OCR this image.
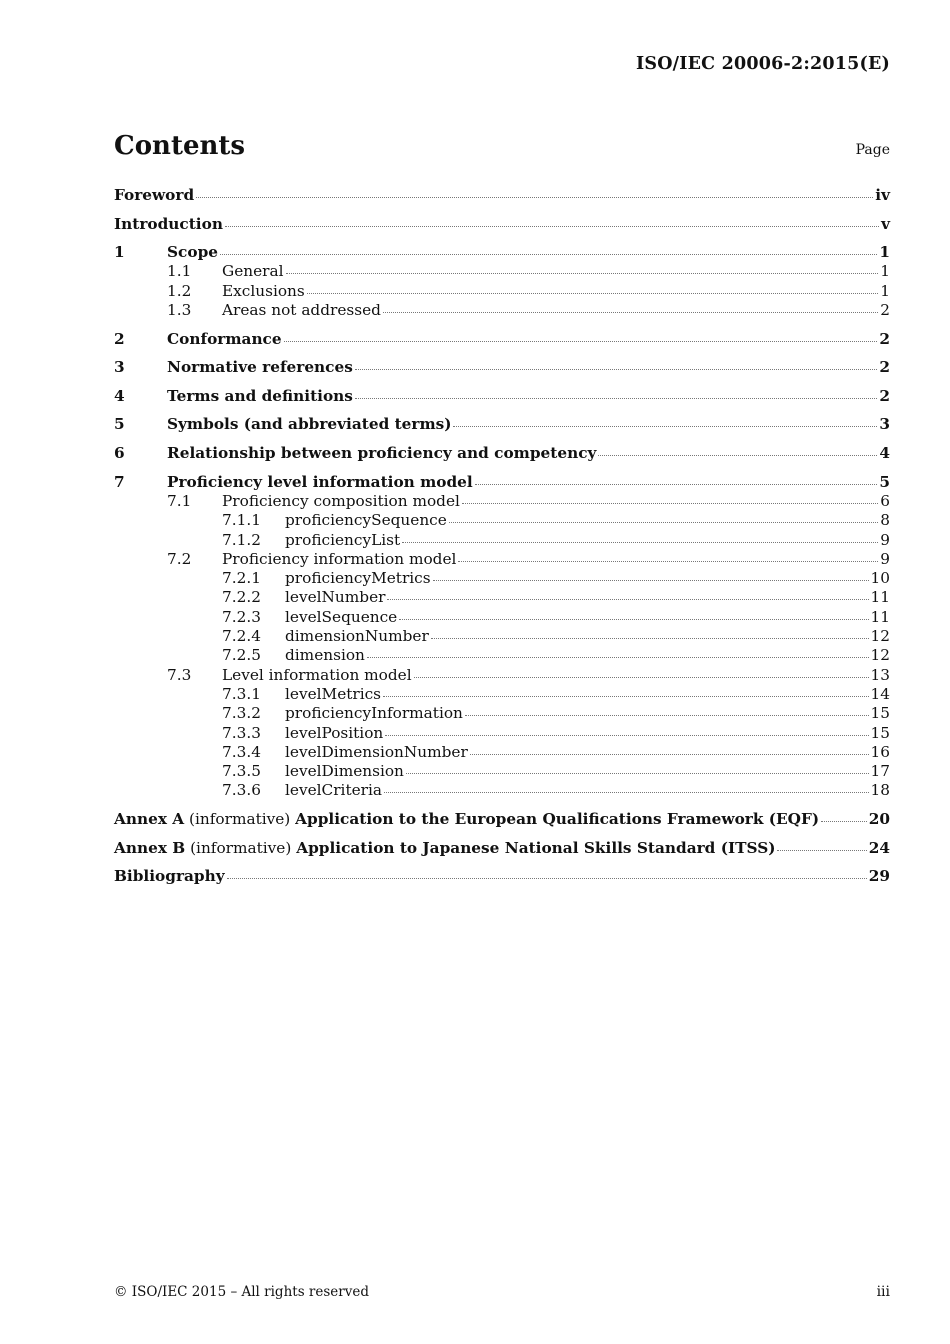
ISO/IEC 20006-2:2015(E)
Contents	Page
Foreword	iv
Introduction	v
1	Scope	1
1.1 General	1
1.2 Exclusions	1
1.3 Areas not addressed	2
2	Conformance	2
3	Normative references	2
4	Terms and definitions	2
5	Symbols (and abbreviated terms)	3
6	Relationship between proficiency and competency	4
7	Proficiency level information model	5
7.1 Proficiency composition model	6
7.1.1 proficiencySequence	8
7.1.2 proficiencyList	9
7.2 Proficiency information model	9
7.2.1 proficiencyMetrics	10
7.2.2 levelNumber	11
7.2.3 levelSequence	11
7.2.4 dimensionNumber	12
7.2.5 dimension	12
7.3 Level information model	13
7.3.1 levelMetrics	14
7.3.2 proficiencyInformation	15
7.3.3 levelPosition	15
7.3.4 levelDimensionNumber	16
7.3.5 levelDimension	17
7.3.6 levelCriteria	18
Annex A (informative) Application to the European Qualifications Framework (EQF)	20
Annex B (informative) Application to Japanese National Skills Standard (ITSS)	24
Bibliography	29
© ISO/IEC 2015 – All rights reserved	iii
